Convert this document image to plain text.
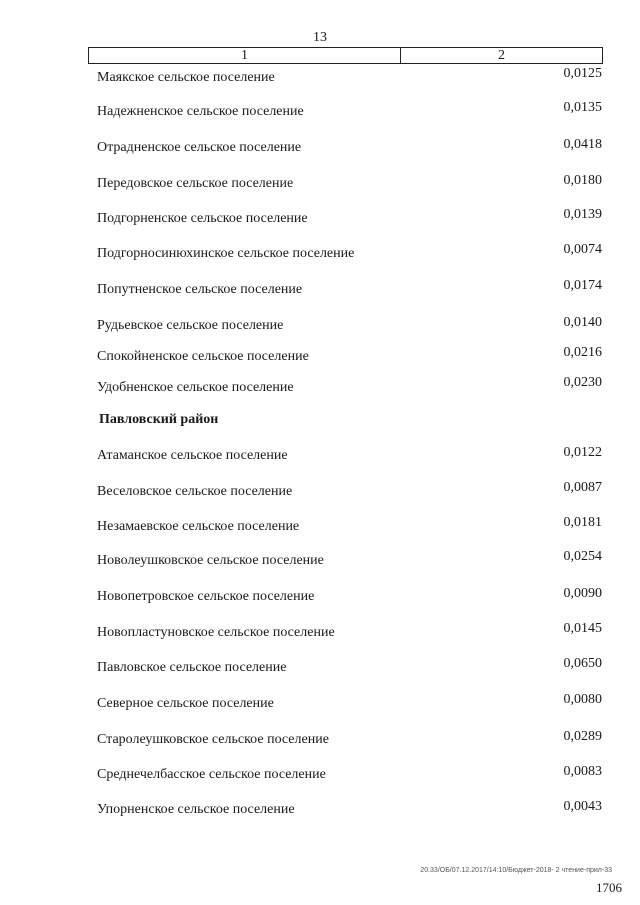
13
1	2
Маякское сельское поселение	0,0125
Надежненское сельское поселение	0,0135
Отрадненское сельское поселение	0,0418
Передовское сельское поселение	0,0180
Подгорненское сельское поселение	0,0139
Подгорносинюхинское сельское поселение	0,0074
Попутненское сельское поселение	0,0174
Рудьевское сельское поселение	0,0140
Спокойненское сельское поселение	0,0216
Удобненское сельское поселение	0,0230
Павловский район
Атаманское сельское поселение	0,0122
Веселовское сельское поселение	0,0087
Незамаевское сельское поселение	0,0181
Новолеушковское сельское поселение	0,0254
Новопетровское сельское поселение	0,0090
Новопластуновское сельское поселение	0,0145
Павловское сельское поселение	0,0650
Северное сельское поселение	0,0080
Старолеушковское сельское поселение	0,0289
Среднечелбасское сельское поселение	0,0083
Упорненское сельское поселение	0,0043
20.33/ОБ/07.12.2017/14:10/Бюджет-2018- 2 чтение-прил-33
1706
